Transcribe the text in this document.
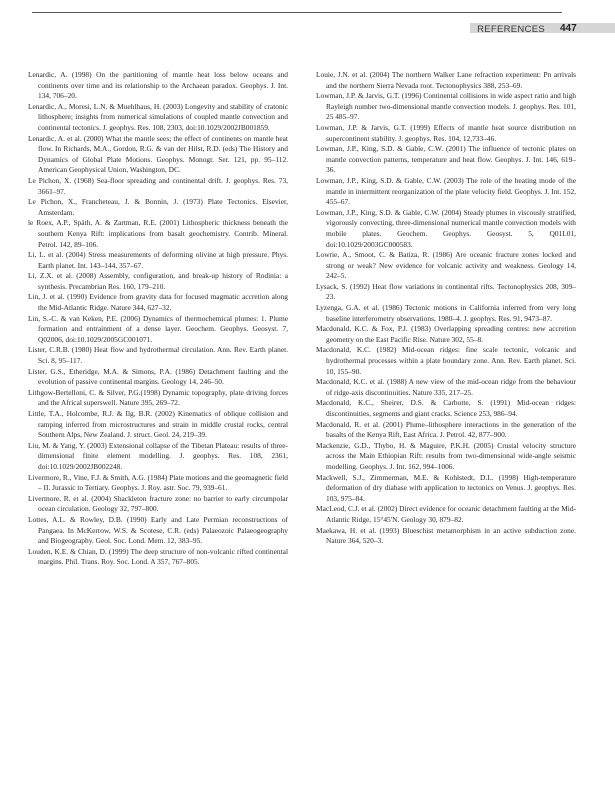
REFERENCES 447

Lenardic, A. (1998) On the partitioning of mantle heat loss below oceans and continents over time and its relationship to the Archaean paradox. Geophys. J. Int. 134, 706–20.

Lenardic, A., Moresi, L.N. & Muehlhaus, H. (2003) Longevity and stability of cratonic lithosphere; insights from numerical simulations of coupled mantle convection and continental tectonics. J. geophys. Res. 108, 2303, doi:10.1029/2002JB001859.

Lenardic, A. et al. (2000) What the mantle sees; the effect of continents on mantle heat flow. In Richards, M.A., Gordon, R.G. & van der Hilst, R.D. (eds) The History and Dynamics of Global Plate Motions. Geophys. Monogr. Ser. 121, pp. 95–112. American Geophysical Union, Washington, DC.

Le Pichon, X. (1968) Sea-floor spreading and continental drift. J. geophys. Res. 73, 3661–97.

Le Pichon, X., Francheteau, J. & Bonnin, J. (1973) Plate Tectonics. Elsevier, Amsterdam.

le Roex, A.P., Späth, A. & Zartman, R.E. (2001) Lithospheric thickness beneath the southern Kenya Rift: implications from basalt geochemistry. Contrib. Mineral. Petrol. 142, 89–106.

Li, L. et al. (2004) Stress measurements of deforming olivine at high pressure. Phys. Earth planet. Int. 143–144, 357–67.

Li, Z.X. et al. (2008) Assembly, configuration, and break-up history of Rodinia: a synthesis. Precambrian Res. 160, 179–210.

Lin, J. et al. (1990) Evidence from gravity data for focused magmatic accretion along the Mid-Atlantic Ridge. Nature 344, 627–32.

Lin, S.-C. & van Keken, P.E. (2006) Dynamics of thermochemical plumes: 1. Plume formation and entrainment of a dense layer. Geochem. Geophys. Geosyst. 7, Q02006, doi:10.1029/2005GC001071.

Lister, C.R.B. (1980) Heat flow and hydrothermal circulation. Ann. Rev. Earth planet. Sci. 8, 95–117.

Lister, G.S., Etheridge, M.A. & Simons, P.A. (1986) Detachment faulting and the evolution of passive continental margins. Geology 14, 246–50.

Lithgow-Bertelloni, C. & Silver, P.G.(1998) Dynamic topography, plate driving forces and the Africal superswell. Nature 395, 269–72.

Little, T.A., Holcombe, R.J. & Ilg, B.R. (2002) Kinematics of oblique collision and ramping inferred from microstructures and strain in middle crustal rocks, central Southern Alps, New Zealand. J. struct. Geol. 24, 219–39.

Liu, M. & Yang, Y. (2003) Extensional collapse of the Tibetan Plateau: results of three-dimensional finite element modelling. J. geophys. Res. 108, 2361, doi:10.1029/2002JB002248.

Livermore, R., Vine, F.J. & Smith, A.G. (1984) Plate motions and the geomagnetic field – II. Jurassic to Tertiary. Geophys. J. Roy. astr. Soc. 79, 939–61.

Livermore, R. et al. (2004) Shackleton fracture zone: no barrier to early circumpolar ocean circulation. Geology 32, 797–800.

Lottes, A.L. & Rowley, D.B. (1990) Early and Late Permian reconstructions of Pangaea. In McKerrow, W.S. & Scotese, C.R. (eds) Palaeozoic Palaeogeography and Biogeography. Geol. Soc. Lond. Mem. 12, 383–95.

Louden, K.E. & Chian, D. (1999) The deep structure of non-volcanic rifted continental margins. Phil. Trans. Roy. Soc. Lond. A 357, 767–805.

Louie, J.N. et al. (2004) The northern Walker Lane refraction experiment: Pn arrivals and the northern Sierra Nevada root. Tectonophysics 388, 253–69.

Lowman, J.P. & Jarvis, G.T. (1996) Continental collisions in wide aspect ratio and high Rayleigh number two-dimensional mantle convection models. J. geophys. Res. 101, 25 485–97.

Lowman, J.P. & Jarvis, G.T. (1999) Effects of mantle heat source distribution on supercontinent stability. J. geophys. Res. 104, 12,733–46.

Lowman, J.P., King, S.D. & Gable, C.W. (2001) The influence of tectonic plates on mantle convection patterns, temperature and heat flow. Geophys. J. Int. 146, 619–36.

Lowman, J.P., King, S.D. & Gable, C.W. (2003) The role of the heating mode of the mantle in intermittent reorganization of the plate velocity field. Geophys. J. Int. 152, 455–67.

Lowman, J.P., King, S.D. & Gable, C.W. (2004) Steady plumes in viscously stratified, vigorously convecting, three-dimensional numerical mantle convection models with mobile plates. Geochem. Geophys. Geosyst. 5, Q01L01, doi:10.1029/2003GC000583.

Lowrie, A., Smoot, C. & Batiza, R. (1986) Are oceanic fracture zones locked and strong or weak? New evidence for volcanic activity and weakness. Geology 14, 242–5.

Lysack, S. (1992) Heat flow variations in continental rifts. Tectonophysics 208, 309–23.

Lyzenga, G.A. et al. (1986) Tectonic motions in California inferred from very long baseline interferometry observations, 1980–4. J. geophys. Res. 91, 9473–87.

Macdonald, K.C. & Fox, P.J. (1983) Overlapping spreading centres: new accretion geometry on the East Pacific Rise. Nature 302, 55–8.

Macdonald, K.C. (1982) Mid-ocean ridges: fine scale tectonic, volcanic and hydrothermal processes within a plate boundary zone. Ann. Rev. Earth planet. Sci. 10, 155–90.

Macdonald, K.C. et al. (1988) A new view of the mid-ocean ridge from the behaviour of ridge-axis discontinuities. Nature 335, 217–25.

Macdonald, K.C., Sheirer, D.S. & Carbotte, S. (1991) Mid-ocean ridges: discontinuities, segments and giant cracks. Science 253, 986–94.

Macdonald, R. et al. (2001) Plume–lithosphere interactions in the generation of the basalts of the Kenya Rift, East Africa. J. Petrol. 42, 877–900.

Mackenzie, G.D., Thybo, H. & Maguire, P.K.H. (2005) Crustal velocity structure across the Main Ethiopian Rift: results from two-dimensional wide-angle seismic modelling. Geophys. J. Int. 162, 994–1006.

Mackwell, S.J., Zimmerman, M.E. & Kohlstedt, D.L. (1998) High-temperature deformation of dry diabase with application to tectonics on Venus. J. geophys. Res. 103, 975–84.

MacLeod, C.J. et al. (2002) Direct evidence for oceanic detachment faulting at the Mid-Atlantic Ridge, 15°45'N. Geology 30, 879–82.

Maekawa, H. et al. (1993) Blueschist metamorphism in an active subduction zone. Nature 364, 520–3.
